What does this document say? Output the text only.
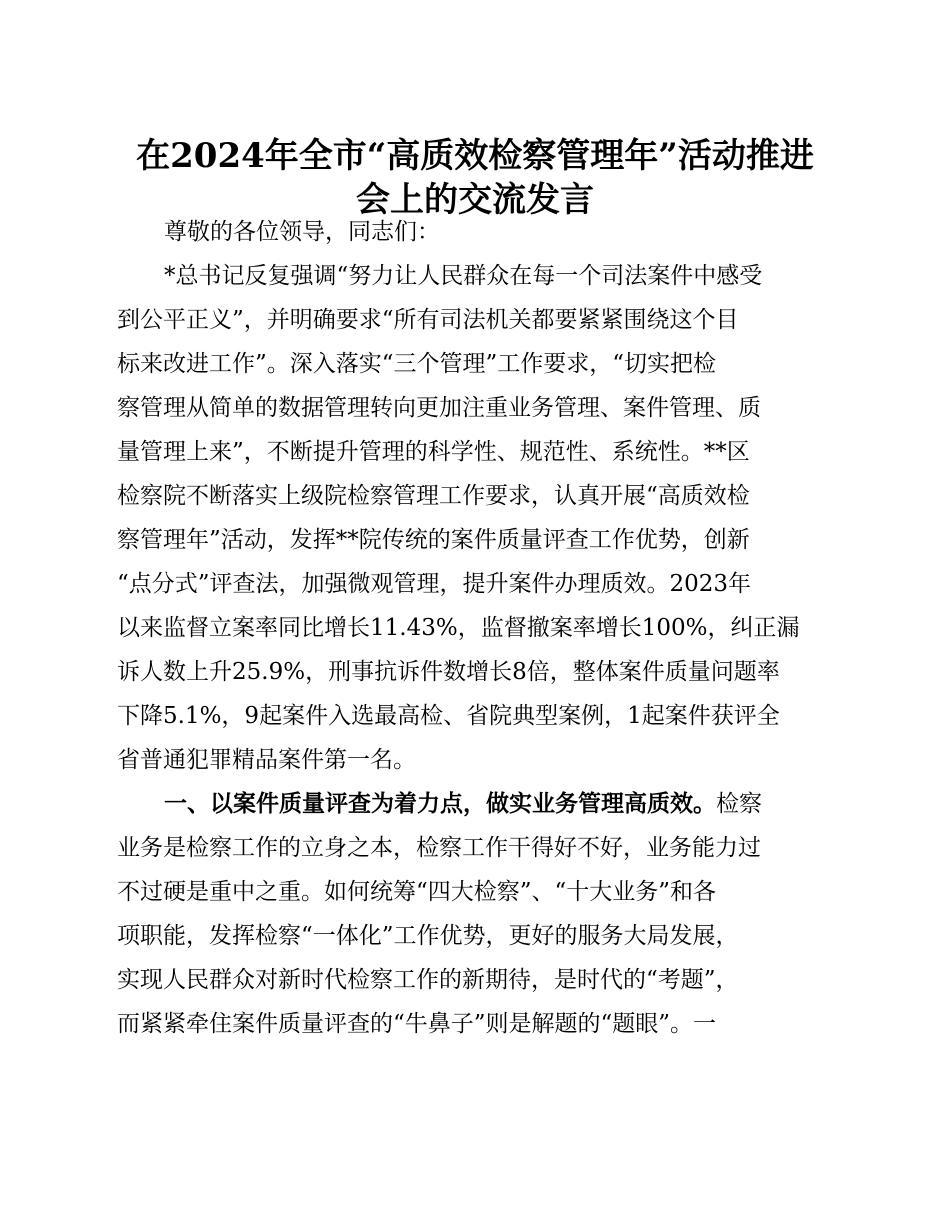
在2024年全市“高质效检察管理年”活动推进
会上的交流发言

尊敬的各位领导，同志们：

*总书记反复强调“努力让人民群众在每一个司法案件中感受

到公平正义”，并明确要求“所有司法机关都要紧紧围绕这个目

标来改进工作”。深入落实“三个管理”工作要求，“切实把检

察管理从简单的数据管理转向更加注重业务管理、案件管理、质

量管理上来”，不断提升管理的科学性、规范性、系统性。**区

检察院不断落实上级院检察管理工作要求，认真开展“高质效检

察管理年”活动，发挥**院传统的案件质量评查工作优势，创新

“点分式”评查法，加强微观管理，提升案件办理质效。2023年

以来监督立案率同比增长11.43%，监督撤案率增长100%，纠正漏

诉人数上升25.9%，刑事抗诉件数增长8倍，整体案件质量问题率

下降5.1%，9起案件入选最高检、省院典型案例，1起案件获评全

省普通犯罪精品案件第一名。

一、以案件质量评查为着力点，做实业务管理高质效。检察

业务是检察工作的立身之本，检察工作干得好不好，业务能力过

不过硬是重中之重。如何统筹“四大检察”、“十大业务”和各

项职能，发挥检察“一体化”工作优势，更好的服务大局发展，

实现人民群众对新时代检察工作的新期待，是时代的“考题”，

而紧紧牵住案件质量评查的“牛鼻子”则是解题的“题眼”。一
